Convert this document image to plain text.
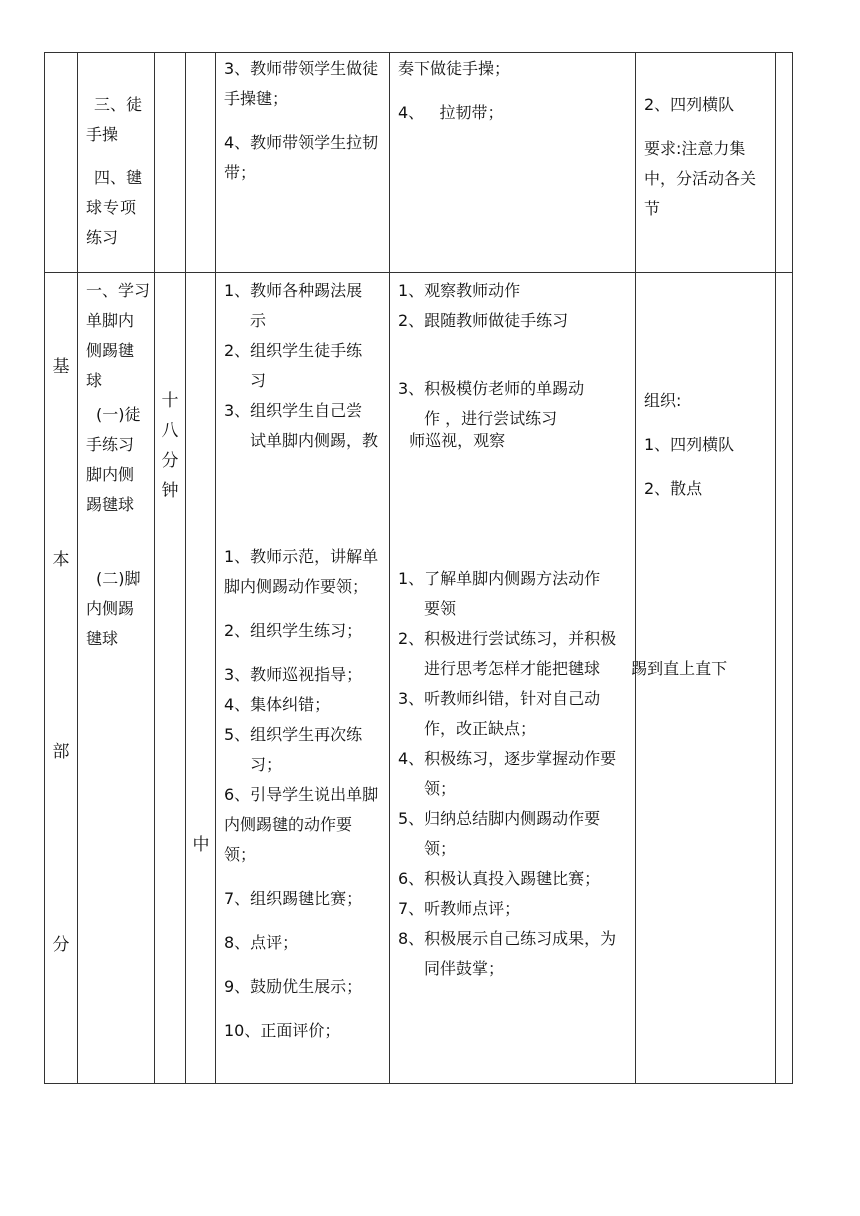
三、徒
手操
四、毽
球专项
练习
3、教师带领学生做徒
手操毽；
4、教师带领学生拉韧
带；
奏下做徒手操；
4、   拉韧带；	2、四列横队
要求:注意力集
中，分活动各关
节
基
本
部
分
一、学习
单脚内
侧踢毽
球
(一)徒
手练习
脚内侧
踢毽球
(二)脚
内侧踢
毽球
十
八
分
钟
中
1、教师各种踢法展
示
2、组织学生徒手练
习
3、组织学生自己尝
试单脚内侧踢，教 师巡视，观察
1、教师示范，讲解单
脚内侧踢动作要领；
2、组织学生练习；
3、教师巡视指导；
4、集体纠错；
5、组织学生再次练
习；
6、引导学生说出单脚
内侧踢毽的动作要
领；
7、组织踢毽比赛；
8、点评；
9、鼓励优生展示；
10、正面评价；
1、观察教师动作
2、跟随教师做徒手练习
3、积极模仿老师的单踢动
作 ，进行尝试练习
1、了解单脚内侧踢方法动作
要领
2、积极进行尝试练习，并积极
进行思考怎样才能把毽球 踢到直上直下
3、听教师纠错，针对自己动
作，改正缺点；
4、积极练习，逐步掌握动作要
领；
5、归纳总结脚内侧踢动作要
领；
6、积极认真投入踢毽比赛；
7、听教师点评；
8、积极展示自己练习成果，为
同伴鼓掌；
组织:
1、四列横队
2、散点
